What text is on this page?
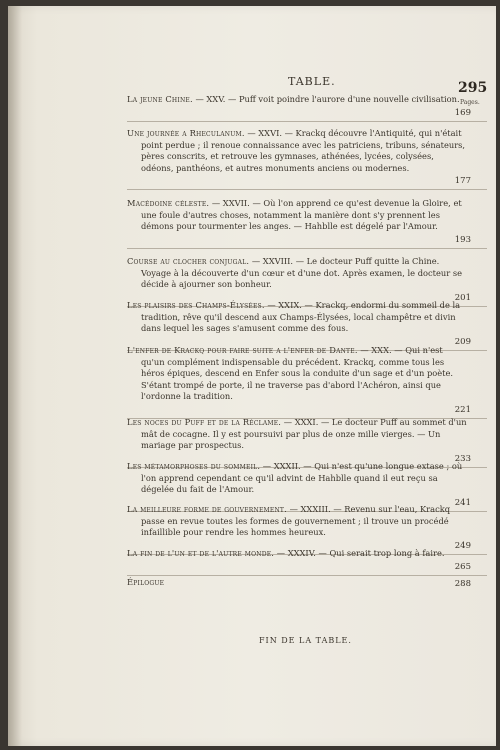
TABLE.	295
Pages.
La jeune Chine. — XXV. — Puff voit poindre l'aurore d'une nouvelle civilisation.
169
Une journée a Rheculanum. — XXVI. — Krackq découvre l'Antiquité, qui n'était point perdue ; il renoue connaissance avec les patriciens, tribuns, sénateurs, pères conscrits, et retrouve les gymnases, athénées, lycées, colysées, odéons, panthéons, et autres monuments anciens ou modernes.
177
Macédoine céleste. — XXVII. — Où l'on apprend ce qu'est devenue la Gloire, et une foule d'autres choses, notamment la manière dont s'y prennent les démons pour tourmenter les anges. — Hahblle est dégelé par l'Amour.
193
Course au clocher conjugal. — XXVIII. — Le docteur Puff quitte la Chine. Voyage à la découverte d'un cœur et d'une dot. Après examen, le docteur se décide à ajourner son bonheur.
201
Les plaisirs des Champs-Élysées. — XXIX. — Krackq, endormi du sommeil de la tradition, rêve qu'il descend aux Champs-Élysées, local champêtre et divin dans lequel les sages s'amusent comme des fous.
209
L'enfer de Krackq pour faire suite a l'enfer de Dante. — XXX. — Qui n'est qu'un complément indispensable du précédent. Krackq, comme tous les héros épiques, descend en Enfer sous la conduite d'un sage et d'un poète. S'étant trompé de porte, il ne traverse pas d'abord l'Achéron, ainsi que l'ordonne la tradition.
221
Les noces du Puff et de la Réclame. — XXXI. — Le docteur Puff au sommet d'un mât de cocagne. Il y est poursuivi par plus de onze mille vierges. — Un mariage par prospectus.
233
Les métamorphoses du sommeil. — XXXII. — Qui n'est qu'une longue extase ; où l'on apprend cependant ce qu'il advint de Hahblle quand il eut reçu sa dégelée du fait de l'Amour.
241
La meilleure forme de gouvernement. — XXXIII. — Revenu sur l'eau, Krackq passe en revue toutes les formes de gouvernement ; il trouve un procédé infaillible pour rendre les hommes heureux.
249
La fin de l'un et de l'autre monde. — XXXIV. — Qui serait trop long à faire.
265
Épilogue	288
FIN DE LA TABLE.
